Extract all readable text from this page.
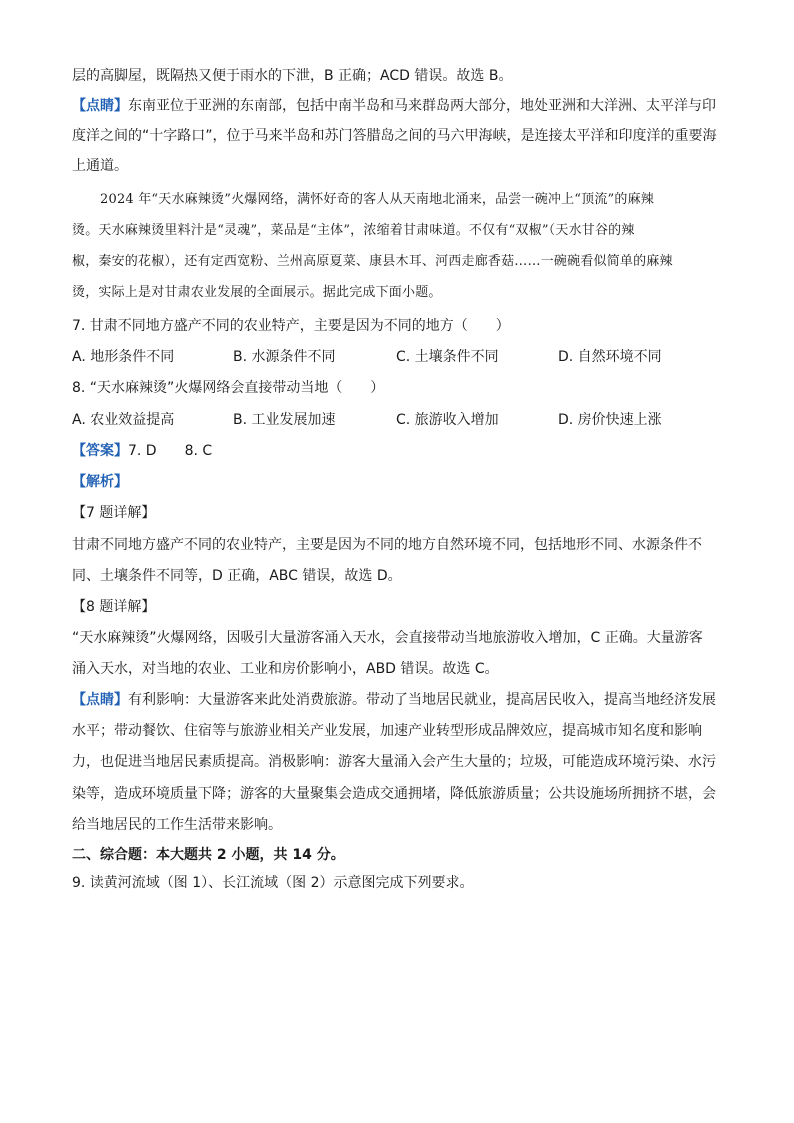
层的高脚屋，既隔热又便于雨水的下泄，B 正确；ACD 错误。故选 B。
【点睛】东南亚位于亚洲的东南部，包括中南半岛和马来群岛两大部分，地处亚洲和大洋洲、太平洋与印
度洋之间的“十字路口”，位于马来半岛和苏门答腊岛之间的马六甲海峡，是连接太平洋和印度洋的重要海
上通道。
2024 年“天水麻辣烫”火爆网络，满怀好奇的客人从天南地北涌来，品尝一碗冲上“顶流”的麻辣
烫。天水麻辣烫里料汁是“灵魂”，菜品是“主体”，浓缩着甘肃味道。不仅有“双椒”（天水甘谷的辣
椒，秦安的花椒），还有定西宽粉、兰州高原夏菜、康县木耳、河西走廊香菇……一碗碗看似简单的麻辣
烫，实际上是对甘肃农业发展的全面展示。据此完成下面小题。
7. 甘肃不同地方盛产不同的农业特产，主要是因为不同的地方（　　）
A. 地形条件不同	B. 水源条件不同	C. 土壤条件不同	D. 自然环境不同
8. “天水麻辣烫”火爆网络会直接带动当地（　　）
A. 农业效益提高	B. 工业发展加速	C. 旅游收入增加	D. 房价快速上涨
【答案】7. D　　8. C
【解析】
【7 题详解】
甘肃不同地方盛产不同的农业特产，主要是因为不同的地方自然环境不同，包括地形不同、水源条件不
同、土壤条件不同等，D 正确，ABC 错误，故选 D。
【8 题详解】
“天水麻辣烫”火爆网络，因吸引大量游客涌入天水，会直接带动当地旅游收入增加，C 正确。大量游客
涌入天水，对当地的农业、工业和房价影响小，ABD 错误。故选 C。
【点睛】有利影响：大量游客来此处消费旅游。带动了当地居民就业，提高居民收入，提高当地经济发展
水平；带动餐饮、住宿等与旅游业相关产业发展，加速产业转型形成品牌效应，提高城市知名度和影响
力，也促进当地居民素质提高。消极影响：游客大量涌入会产生大量的；垃圾，可能造成环境污染、水污
染等，造成环境质量下降；游客的大量聚集会造成交通拥堵，降低旅游质量；公共设施场所拥挤不堪，会
给当地居民的工作生活带来影响。
二、综合题：本大题共 2 小题，共 14 分。
9. 读黄河流域（图 1）、长江流域（图 2）示意图完成下列要求。
